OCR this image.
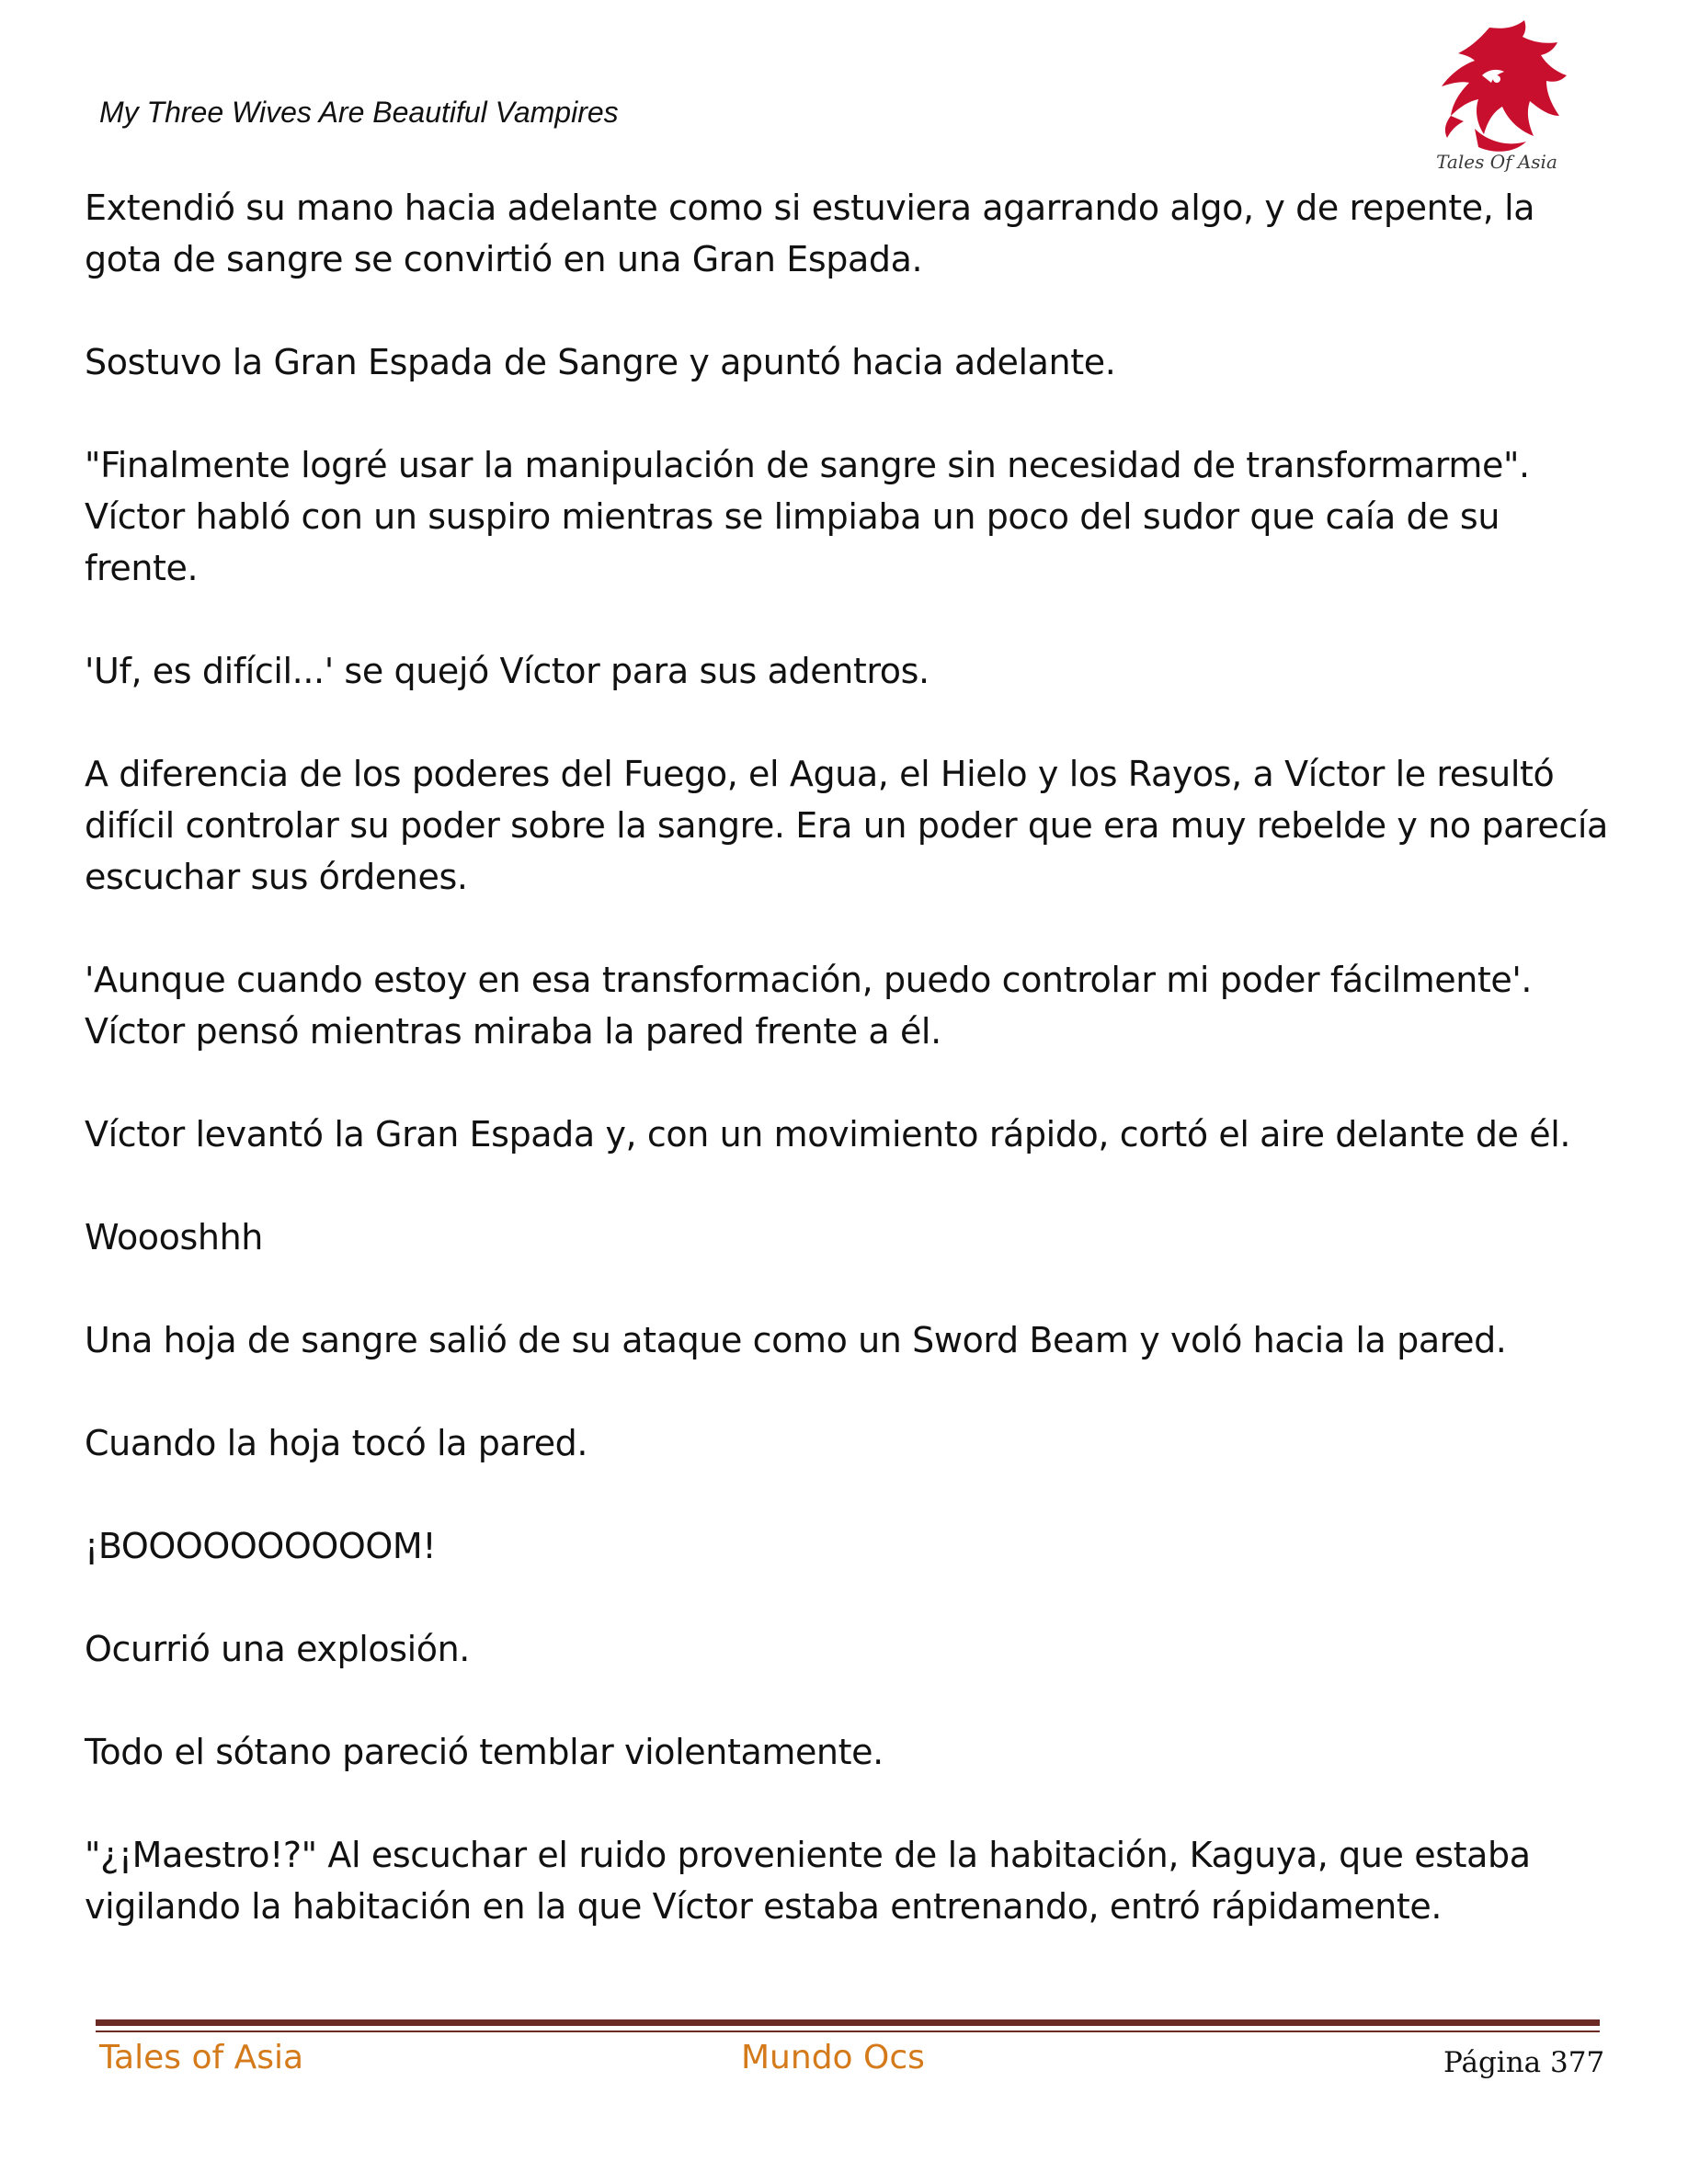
My Three Wives Are Beautiful Vampires
Tales Of Asia

Extendió su mano hacia adelante como si estuviera agarrando algo, y de repente, la gota de sangre se convirtió en una Gran Espada.

Sostuvo la Gran Espada de Sangre y apuntó hacia adelante.

"Finalmente logré usar la manipulación de sangre sin necesidad de transformarme". Víctor habló con un suspiro mientras se limpiaba un poco del sudor que caía de su frente.

'Uf, es difícil...' se quejó Víctor para sus adentros.

A diferencia de los poderes del Fuego, el Agua, el Hielo y los Rayos, a Víctor le resultó difícil controlar su poder sobre la sangre. Era un poder que era muy rebelde y no parecía escuchar sus órdenes.

'Aunque cuando estoy en esa transformación, puedo controlar mi poder fácilmente'. Víctor pensó mientras miraba la pared frente a él.

Víctor levantó la Gran Espada y, con un movimiento rápido, cortó el aire delante de él.

Woooshhh

Una hoja de sangre salió de su ataque como un Sword Beam y voló hacia la pared.

Cuando la hoja tocó la pared.

¡BOOOOOOOOOOM!

Ocurrió una explosión.

Todo el sótano pareció temblar violentamente.

"¿¡Maestro!?" Al escuchar el ruido proveniente de la habitación, Kaguya, que estaba vigilando la habitación en la que Víctor estaba entrenando, entró rápidamente.

Tales of Asia	Mundo Ocs	Página 377
